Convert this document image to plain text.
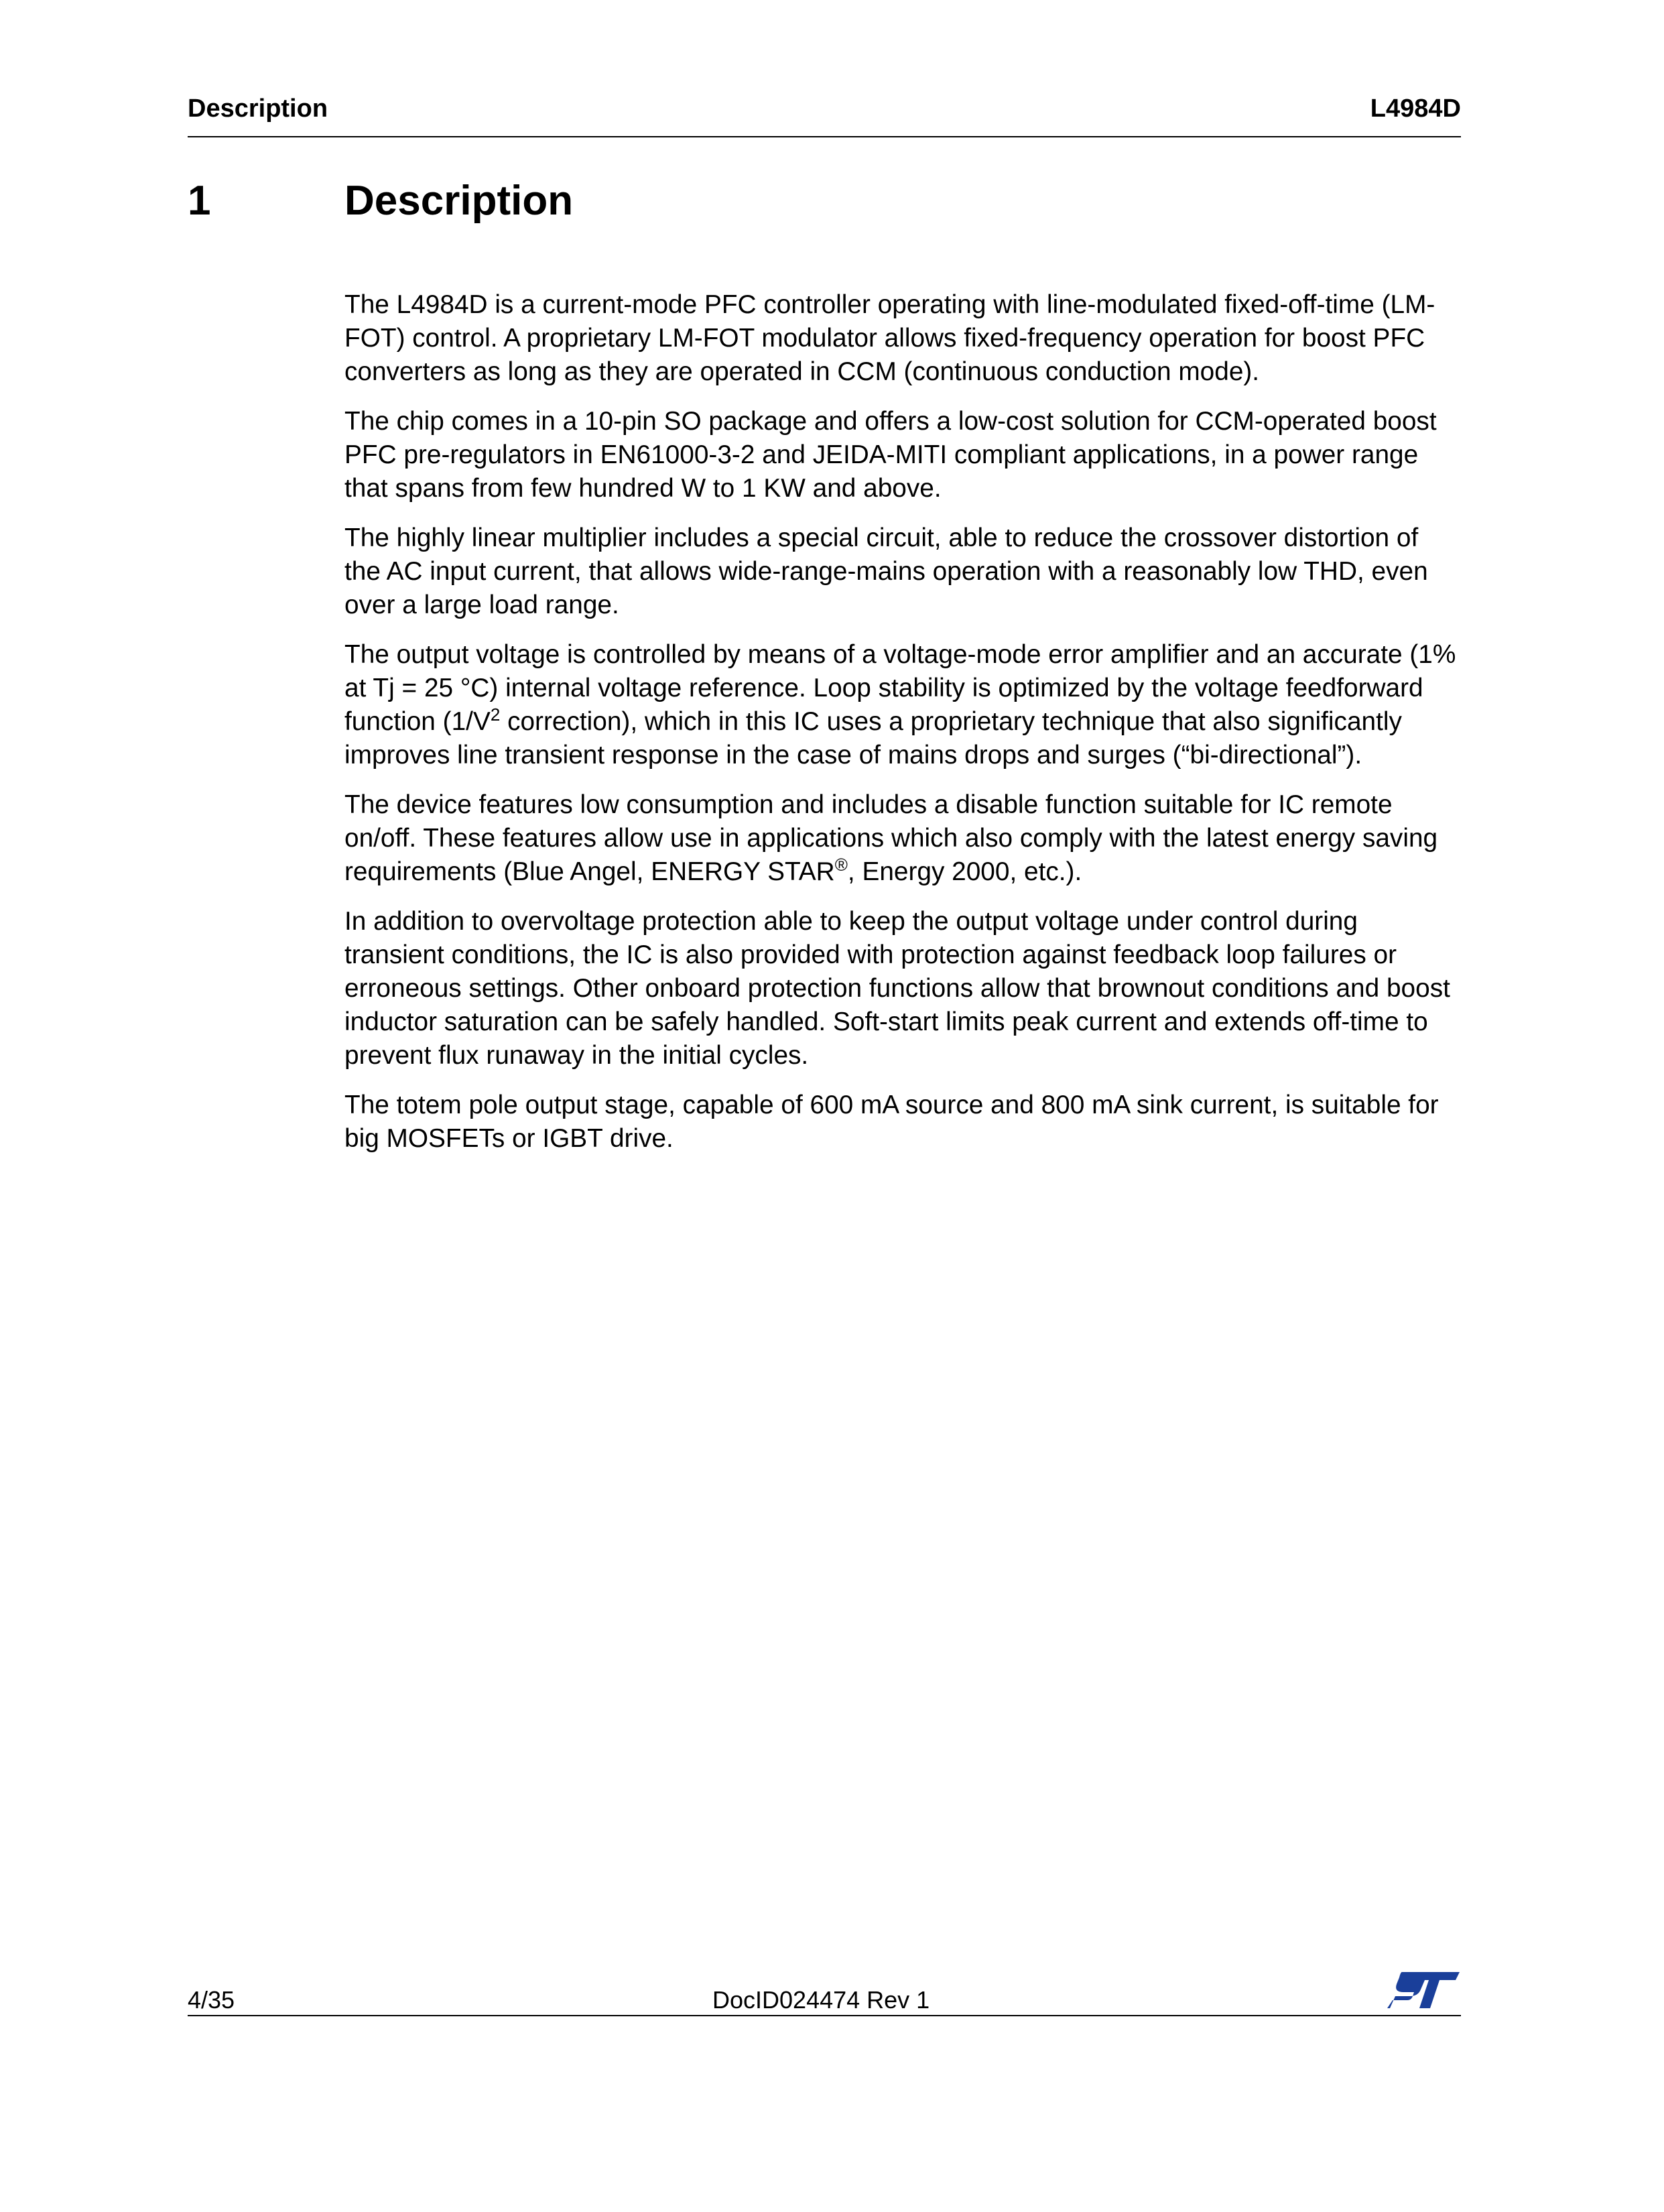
Description	L4984D
1	Description

The L4984D is a current-mode PFC controller operating with line-modulated fixed-off-time (LM-FOT) control. A proprietary LM-FOT modulator allows fixed-frequency operation for boost PFC converters as long as they are operated in CCM (continuous conduction mode).

The chip comes in a 10-pin SO package and offers a low-cost solution for CCM-operated boost PFC pre-regulators in EN61000-3-2 and JEIDA-MITI compliant applications, in a power range that spans from few hundred W to 1 KW and above.

The highly linear multiplier includes a special circuit, able to reduce the crossover distortion of the AC input current, that allows wide-range-mains operation with a reasonably low THD, even over a large load range.

The output voltage is controlled by means of a voltage-mode error amplifier and an accurate (1% at Tj = 25 °C) internal voltage reference. Loop stability is optimized by the voltage feedforward function ($1/V^2$ correction), which in this IC uses a proprietary technique that also significantly improves line transient response in the case of mains drops and surges (“bi-directional”).

The device features low consumption and includes a disable function suitable for IC remote on/off. These features allow use in applications which also comply with the latest energy saving requirements (Blue Angel, ENERGY STAR®, Energy 2000, etc.).

In addition to overvoltage protection able to keep the output voltage under control during transient conditions, the IC is also provided with protection against feedback loop failures or erroneous settings. Other onboard protection functions allow that brownout conditions and boost inductor saturation can be safely handled. Soft-start limits peak current and extends off-time to prevent flux runaway in the initial cycles.

The totem pole output stage, capable of 600 mA source and 800 mA sink current, is suitable for big MOSFETs or IGBT drive.

4/35	DocID024474 Rev 1
